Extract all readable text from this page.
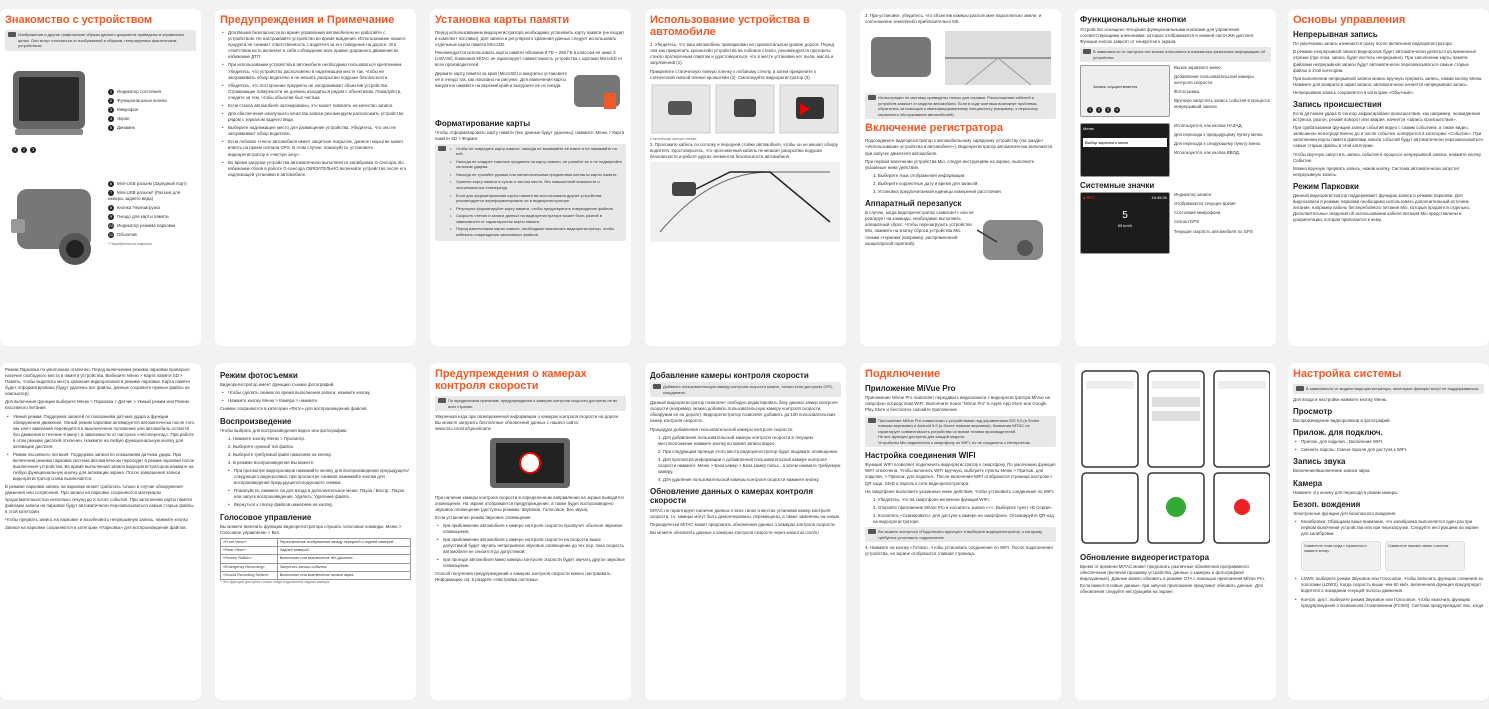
Знакомство с устройством
Изображения и другие графические образы данного документа приведены в справочных целях. Они могут отличаться от изображений и образов, генерируемых фактическим устройством.
4 2 3
1 Индикатор состояния
2 Функциональные кнопки
3 Микрофон
4 Экран
5 Динамик
6 Mini-USB разъем (Зарядный порт)
7 Mini-USB разъем* (Разъем для камеры заднего вида)
8 Кнопка Перезагрузка
9 Гнездо для карты памяти
10 Индикатор режима парковки
11 Объектив
* Приобретается отдельно
Предупреждения и Примечание
• Для Вашей безопасности во время управления автомобилем не работайте с устройством. Не настраивайте устройство во время вождения. Использование нашего продукта не снимает ответственность с водителя за его поведение на дороге. Эта ответственность включает в себя соблюдение всех правил дорожного движения во избежание ДТП.
• При использовании устройства в автомобиле необходимо пользоваться креплением. Убедитесь, что устройство расположено в надлежащем месте так, чтобы не загораживать обзор водителю и не мешать раскрытию подушек безопасности.
• Убедитесь, что посторонние предметы не загораживают объектив устройства. Отражающие поверхности не должны находиться рядом с объективом. Пожалуйста, следите за тем, чтобы объектив был чистым.
• Если стекла автомобиля затонированы, это может повлиять на качество записи.
• Для обеспечения наилучшего качества записи рекомендуем расположить устройство рядом с зеркалом заднего вида.
• Выберите надлежащее место для размещения устройства. Убедитесь, что оно не загораживает обзор водителю.
• Если лобовое стекло автомобиля имеет защитное покрытие, данное покрытие может влиять на прием сигнала GPS. В этом случае, пожалуйста, установите видеорегистратор в «чистую зону».
• Во время загрузки устройства автоматически выполняется калибровка G-сенсора. Во избежание сбоев в работе G-сенсора ОБЯЗАТЕЛЬНО включайте устройство после его надлежащей установки в автомобиле.
Установка карты памяти
Перед использованием видеорегистратора необходимо установить карту памяти (не входит в комплект поставки). Для записи и регулярного хранения данных следует использовать отдельные карты памяти MicroSD.
Рекомендуется использовать карты памяти объемом 8 ГБ ~ 256 ГБ и классом не ниже 3 (U3/V30). Компания MiTAC не гарантирует совместимость устройства с картами MicroSD от всех производителей.
Держите карту памяти за края (MicroSD) и аккуратно установите её в гнездо так, как показано на рисунке. Для извлечения карты аккуратно нажмите на верхний край и выгрузите её из гнезда.
Форматирование карты
Чтобы отформатировать карту памяти (все данные будут удалены), нажмите: Меню > Карта памяти SD > Формат.
• Чтобы не повредить карту памяти, никогда не вынимайте её извне и не нажимайте на неё.
• Никогда не кладите тяжелые предметы на карту памяти, не роняйте ее и не подвергайте сильным ударам.
• Никогда не трогайте руками или металлическими предметами контакты карты памяти.
• Храните карту памяти в сухом и чистом месте, без повышенной влажности и экстремальных температур.
• Если для форматирования карты памяти вы использовали другие устройства, рекомендуется переформатировать ее в видеорегистраторе.
• Регулярно форматируйте карту памяти, чтобы предотвратить повреждение файлов.
• Скорость чтения и записи данных на видеорегистраторе может быть разной в зависимости от характеристик карты памяти.
• Перед извлечением карты памяти, необходимо выключить видеорегистратор, чтобы избежать повреждения записанных файлов.
Использование устройства в автомобиле
1. Убедитесь, что ваш автомобиль припаркован на горизонтальном уровне дороги. Перед тем как прикрепить кронштейн устройства на лобовое стекло, рекомендуется протереть стекло протирочным спиртом и удостовериться, что в месте установки нет пыли, масла и загрязнений (1).
Прикрепите статическую липкую пленку к лобовому стеклу, а затем прикрепите к статической липкой пленке кронштейн (2). Смонтируйте видеорегистратор (3).
Статическая липкая пленка
2. Проложите кабель по потолку и передней стойке автомобиля, чтобы он не мешал обзору водителя. Удостоверьтесь, что проложенный кабель не мешает раскрытию подушек безопасности и работе других элементов безопасности автомобиля.
3. При установке, убедитесь, что объектив камеры расположен параллельно земле, и соотношение земля/небо приблизительно 5/5.
Иллюстрации по монтажу приведены только для справки. Расположение кабелей и устройств зависит от модели автомобиля. Если в ходе монтажа возникнут проблемы, обратитесь за помощью к квалифицированному специалисту (например, к персоналу сервисного обслуживания автомобилей).
Включение регистратора
Подсоедините видеорегистратор к автомобильному зарядному устройству (см. раздел «Использование устройства в автомобиле»). Видеорегистратор автоматически включается при запуске двигателя автомобиля.
При первом включении устройства Mio, следуя инструкциям на экране, выполните указанные ниже действия.
1. Выберите язык отображения информации.
2. Выберите корректные дату и время для записей.
3. Установка предпочитаемой единицы измерения расстояния.
Аппаратный перезапуск
В случае, когда видеорегистратор «зависает» или не реагирует на команды, необходимо выполнить аппаратный сброс. Чтобы перезагрузить устройство Mio, нажмите на кнопку сброса устройства Mio тонким стержнем (например, распрямленной канцелярской скрепкой).
Функциональные кнопки
Устройство оснащено четырьмя функциональными кнопками для управления соответствующими значениями, которые отображаются в нижней части ЖК-дисплея. Функции кнопок зависят от конкретного экрана.
В зависимости от настроек эти значки отличаются в показанных различных информацию об устройстве.
Запись осуществляется
1 2 3 4
Вызов экранного меню.
Добавление пользовательской камеры контроля скорости.
Фотосъемка.
Вручную запустить запись события в процессе непрерывной записи.
Меню
Выбор экранного меню
Используется, как кнопка НАЗАД.
Для перехода к предыдущему пункту меню.
Для перехода к следующему пункту меню.
Используется, как кнопка ВВОД.
Системные значки
● REC	16:45:30
5
65 km/h
Индикатор записи
Отображается текущее время
Состояние микрофона
Сигнал GPS
Текущая скорость автомобиля по GPS
Основы управления
Непрерывная запись
По умолчанию запись начинается сразу после включения видеорегистратора.
В режиме непрерывной записи видеоролик будет автоматически делиться на временные отрезки (при этом, запись будет вестись непрерывно). При заполнении карты памяти файлами непрерывной записи будут автоматически перезаписываться самые старые файлы в этой категории.
При выполнении непрерывной записи можно вручную прервать запись, нажав кнопку Меню. Нажмите для возврата в экран записи; автоматически начнется непрерывная запись.
Непрерывная запись сохраняется в категории «Обычный».
Запись происшествия
Если датчиком удара G-сенсор зафиксировано происшествие, как например, неожиданная встряска, разгон, резкий поворот или авария, начнется «запись происшествия».
При срабатывании функции записи событий видео с самим событием, а также видео, записанное непосредственно до и после события, копируются в категорию «Событие». При заполнении карты памяти файлами записи событий будут автоматически перезаписываться самые старые файлы в этой категории.
Чтобы вручную запустить запись события в процессе непрерывной записи, нажмите кнопку Событие.
Можно вручную прервать запись, нажав кнопку. Система автоматически запустит непрерывную запись.
Режим Парковки
Данный видеорегистратор поддерживает функцию записи в режиме парковки. Для видеозаписи в режиме парковки необходимо использовать дополнительный источник питания, например кабель бесперебойного питания Mio, который продается отдельно. Дополнительные сведения об использовании кабеля питания Mio представлены в документации, которая прилагается к нему.
Режим Парковка по умолчанию отключен. Перед включением режима парковки проверьте наличие свободного места в памяти устройства. Выберите Меню > Карта памяти SD > Память, чтобы выделить место хранения видеороликов в режиме парковки. Карта памяти будет отформатирована (будут удалены все файлы, данные сохраните нужные файлы на компьютер).
Для включения функции выберите Меню > Парковка > Датчик > Умный режим или Режим пассивного питания.
• Умный режим: Поддержка записей по показаниям датчика удара и функции обнаружения движения. Умный режим парковки активируется автоматически после того, как ключ зажигания переведется в выключенное положение или автомобиль остается без движения в течение 5 минут, в зависимости от настроек «Автопереход». При работе в этом режиме дисплей отключен. Нажмите на любую функциональную кнопку для активации дисплея.
• Режим пассивного питания: Поддержка записи по показаниям датчика удара. При включении режима парковки система автоматически переходит в режим парковки после выключения устройства. Во время выполнения записи видеорегистратором нажмите на любую функциональную кнопку для активации экрана. После завершения записи видеорегистратор снова выключается.
В режиме парковки запись на парковке может сработать только в случае обнаружения движения или сотрясения. При записи на парковке сохраняются материалы продолжительностью несколько секунд до и после события. При заполнении карты памяти файлами записи на парковке будут автоматически перезаписываться самые старые файлы в этой категории.
Чтобы прервать запись на парковке и возобновить непрерывную запись, нажмите кнопку.
Записи на парковке сохраняются в категории «Парковка» для воспроизведения файлов.
Режим фотосъемки
Видеорегистратор имеет функцию съемки фотографий.
• Чтобы сделать снимок во время выполнения записи, нажмите кнопку.
• Нажмите кнопку Меню > Камера > нажмите.
Снимки сохраняются в категории «Фото» для воспроизведения файлов.
Воспроизведение
Чтобы выбрать для воспроизведения видео или фотографию:
1. Нажмите кнопку Меню > Просмотр.
2. Выберите нужный тип файла.
3. Выберите требуемый файл нажатием на кнопку.
4. В режиме воспроизведения Вы можете:
• При просмотре видеороликов нажимайте кнопку для воспроизведения предыдущего/следующего видеоролика; при просмотре снимков нажимайте кнопки для воспроизведения предыдущего/следующего снимка.
• Пожалуйста, нажмите на для входа в дополнительное меню: Пауза / Воспр.: Пауза или запуск воспроизведения. Удалить: Удаление файла.
• Вернуться к списку файлов нажатием на кнопку.
Голосовое управление
Вы можете включить функцию видеорегистратора слушать голосовые команды: Меню > Голосовое управление > Вкл.
«Front View»*	Переключение изображения между передней и задней камерой.
«Rear View»*	Задней камерой.
«Screen Switch»	Включение или выключение ЖК-дисплея.
«Emergency Recording»	Запустить запись события.
«Sound Recording Switch»	Включение или выключение записи звука.
* Эта функция доступна только когда подключена задняя камера.
Предупреждения о камерах контроля скорости
По юридическим причинам, предупреждения о камерах контроля скорости доступны не во всех странах.
Уверенная езда при своевременной информации о камерах контроля скорости на дороге. Вы можете загрузить бесплатные обновления данных с нашего сайта: www.mio.com/ru/speedcams
При наличии камеры контроля скорости в определенном направлении на экране выводится оповещение. На экране отображается предупреждение, а также будет воспроизведено звуковое оповещение (доступны режимы: Звуковое, Голосовое, Без звука).
Если установлен режим Звуковое оповещение:
• при приближении автомобиля к камере контроля скорости прозвучит обычное звуковое оповещение;
• при приближении автомобиля к камере контроля скорости на скорости выше допустимой будет звучать непрерывное звуковое оповещение до тех пор, пока скорость автомобиля не снизится до допустимой;
• при проезде автомобиля мимо камеры контроля скорости будет звучать другое звуковое оповещение.
Способ получения предупреждений о камерах контроля скорости можно настраивать. Информацию см. в разделе «Настройка системы».
Добавление камеры контроля скорости
Добавить пользовательскую камеру контроля скорости можно, только если доступны GPS-координаты.
Данный видеорегистратор позволяет свободно редактировать базу данных камер контроля скорости (например, можно добавить пользовательскую камеру контроля скорости, обнаружив ее на дороге). Видеорегистратор позволяет добавить до 100 пользовательских камер контроля скорости.
Процедура добавления пользовательской камеры контроля скорости:
1. Для добавления пользовательской камеры контроля скорости в текущем местоположении нажмите кнопку во время записи видео.
2. При следующем проезде этого места видеорегистратор будет выдавать оповещение.
3. Для просмотра информации о добавленной пользовательской камере контроля скорости нажмите: Меню > База камер > База камер польз., а затем нажмите требуемую камеру.
4. Для удаления пользовательской камеры контроля скорости нажмите кнопку.
Обновление данных о камерах контроля скорости
MiTAC не гарантирует наличие данных о всех типах и местах установки камер контроля скорости, т.к. камеры могут быть демонтированы, перемещены, а также заменены на новые.
Периодически MiTAC может предлагать обновления данных о камерах контроля скорости.
Вы можете обновлять данные о камерах контроля скорости через www.mio.com/ru
Подключение
Приложение MiVue Pro
Приложение MiVue Pro позволяет передавать видеозаписи с видеорегистратора MiVue на смартфон посредством WIFI. Выполните поиск "MiVue Pro" в Apple App Store или Google Play Store и бесплатно скачайте приложение.
Приложение MiVue Pro совместимо с устройствами под управлением iOS 9.0 (и более новыми версиями) и Android 5.0 (и более новыми версиями). Компания MiTAC не гарантирует совместимость устройства со всеми типами производителей.
Не все функции доступны для каждой модели.
Устройство Mio подключено к смартфону по WIFI, но не соединено с Интернетом.
Настройка соединения WIFI
Функция WIFI позволяет подключить видеорегистратор к смартфону. По умолчанию функция WIFI отключена. Чтобы включить WIFI вручную, выберите пункты Меню > Прилож. для подключ. > Прилож. для подключ.. После включения WIFI отобразится страница настроек с QR кода. SSID и пароль к сети видеорегистратора.
На смартфоне выполните указанные ниже действия, чтобы установить соединение по WIFI.
1. Убедитесь, что на смартфоне включена функция WIFI.
2. Откройте приложение MiVue Pro и коснитесь значка «+». Выберите пункт «В Серии».
3. Коснитесь «Сканировать» для доступа к камере на смартфоне. Отсканируйте QR-код на видеорегистраторе.
Вы можете коснуться «Подключить вручную» и выберите видеорегистратор, к которому требуется установить подключение.
4. Нажмите на кнопку «Готово», чтобы установить соединение по WIFI. После подключения устройства, на экране отобразится главная страница.	Обновление видеорегистратора
Время от времени MITAC может предлагать различные обновления программного обеспечения (включая прошивку устройства, данные о камерах и фотографиях/видеоданные). Данные можно обновить в режиме OTA с помощью приложения MiVue Pro. Если имеются новые данные, при запуске приложение предложит обновить данные. Для обновления следуйте инструкциям на экране.
Настройка системы
В зависимости от модели видеорегистратора, некоторые функции могут не поддерживаться.
Для входа в настройки нажмите кнопку Меню.
Просмотр
Воспроизведение видеороликов и фотографий.
Прилож. для подключ.
• Прилож. для подключ.: Включение WIFI.
• Сменить пароль: Смена пароля для доступа к WIFI.
Запись звука
Включение/выключение записи звука.
Камера
Нажмите эту кнопку для перехода в режим камеры.
Безоп. вождения
Электронные функции для безопасного вождения.
• Калибровка: Обращаем ваше внимание, что калибровка выполняется один раз при первом включении устройства или при перезагрузке. Следуйте инструкциям на экране для калибровки.
Совместите точки схода с горизонтом и нажмите кнопку.
Совместите нижнюю линию с капотом
• LDWS: выберите режим Звуковое или Голосовое, чтобы включить функцию слежения за полосами (LDWS). Когда скорость выше чем 60 км/ч, включенная функция предупредит водителя о покидании текущей полосы движения.
• Контрл. дист.: выберите режим Звуковое или Голосовое, чтобы включить функцию предупреждения о возможном столкновении (FCWS). Система предупреждает вас, когда
